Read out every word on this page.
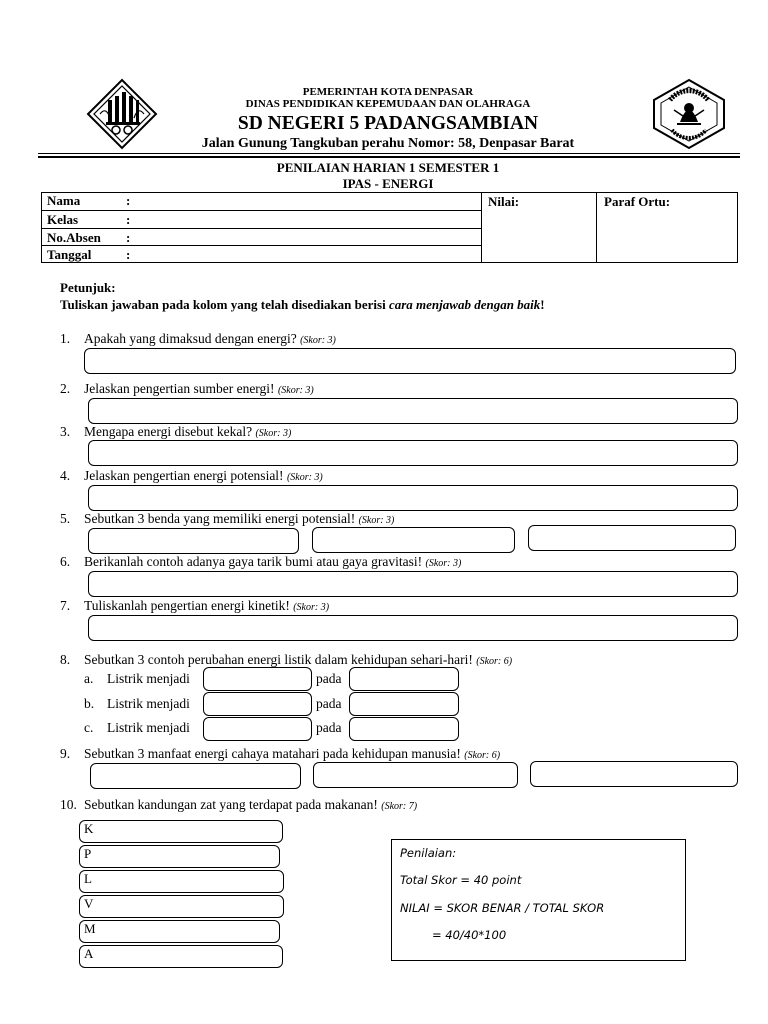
PEMERINTAH KOTA DENPASAR
DINAS PENDIDIKAN KEPEMUDAAN DAN OLAHRAGA
SD NEGERI 5 PADANGSAMBIAN
Jalan Gunung Tangkuban perahu Nomor: 58, Denpasar Barat
PENILAIAN HARIAN 1 SEMESTER 1
IPAS - ENERGI
Nama	:
Kelas	:
No.Absen :
Tanggal	:
Nilai:	Paraf Ortu:
Petunjuk:
Tuliskan jawaban pada kolom yang telah disediakan berisi cara menjawab dengan baik!
1. Apakah yang dimaksud dengan energi? (Skor: 3)
2. Jelaskan pengertian sumber energi! (Skor: 3)
3. Mengapa energi disebut kekal? (Skor: 3)
4. Jelaskan pengertian energi potensial! (Skor: 3)
5. Sebutkan 3 benda yang memiliki energi potensial! (Skor: 3)
6. Berikanlah contoh adanya gaya tarik bumi atau gaya gravitasi! (Skor: 3)
7. Tuliskanlah pengertian energi kinetik! (Skor: 3)
8. Sebutkan 3 contoh perubahan energi listik dalam kehidupan sehari-hari! (Skor: 6)
a. Listrik menjadi	pada
b. Listrik menjadi	pada
c. Listrik menjadi	pada
9. Sebutkan 3 manfaat energi cahaya matahari pada kehidupan manusia! (Skor: 6)
10. Sebutkan kandungan zat yang terdapat pada makanan! (Skor: 7)
K
P
L
V
M
A
Penilaian:
Total Skor = 40 point
NILAI = SKOR BENAR / TOTAL SKOR
= 40/40*100
